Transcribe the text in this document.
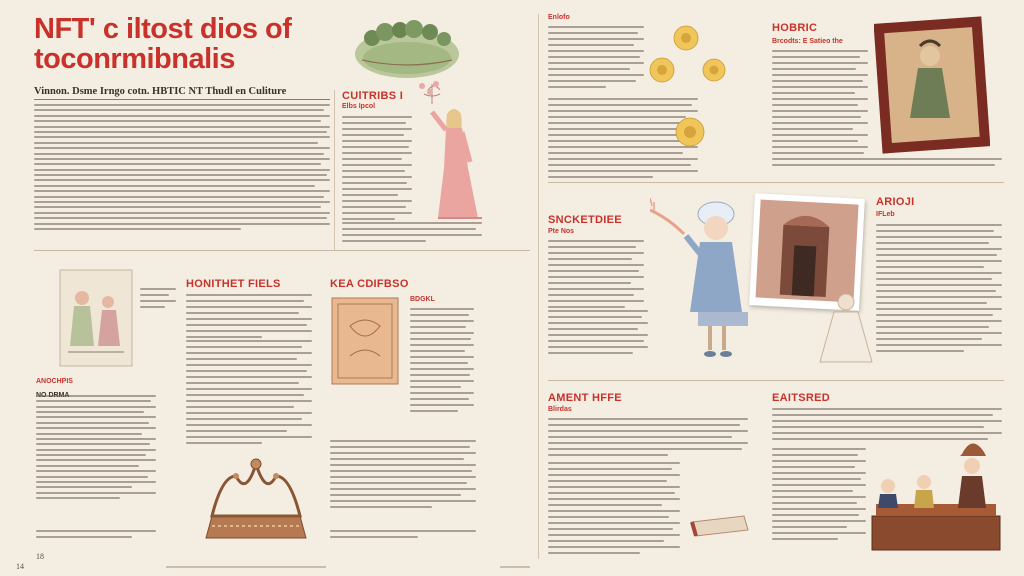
NFT' c iltost dios of toconrmibnalis
Vinnon. Dsme Irngo cotn. HBTIC NT Thudl en Culiture	CUlTRIBS I
Elbs Ipcol
Enlofo
HOBRIC
Brcodts: E Satieo the
SNCKETDIEE
Pte Nos
ARIOJI
IFLeb
HONITHET FIELS	KEA CDIFBSO
BDGKL
ANOCHPIS
AMENT HFFE
Blirdas
EAITSRED
14
18
